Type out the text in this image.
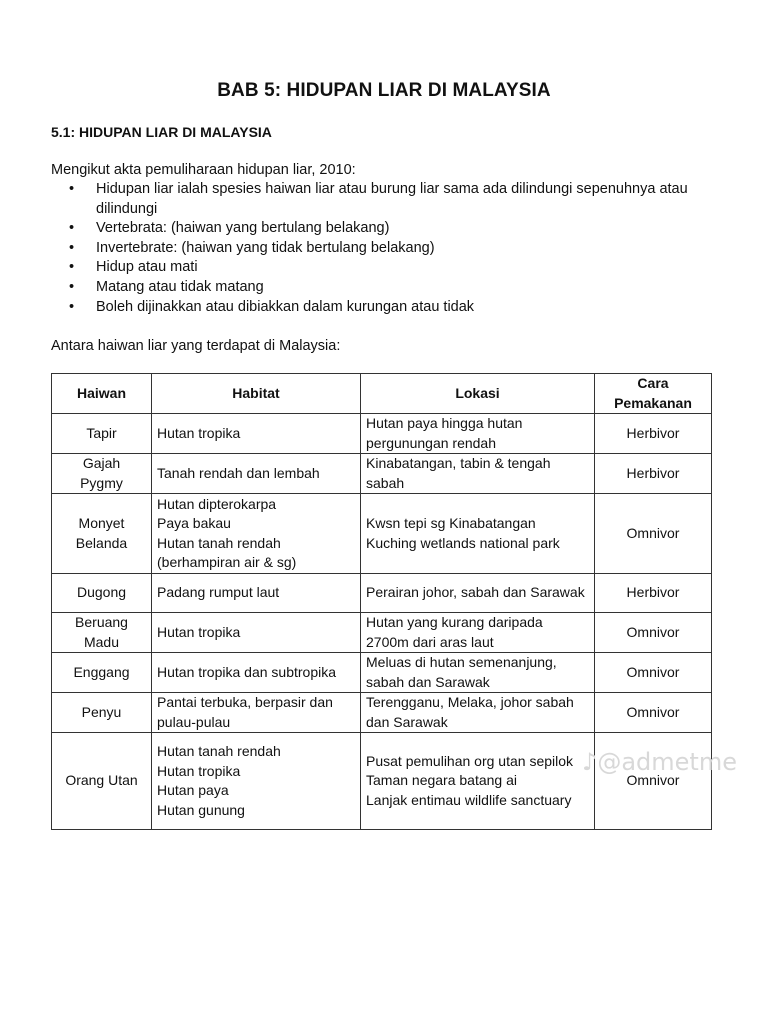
BAB 5: HIDUPAN LIAR DI MALAYSIA
5.1: HIDUPAN LIAR DI MALAYSIA
Mengikut akta pemuliharaan hidupan liar, 2010:
• Hidupan liar ialah spesies haiwan liar atau burung liar sama ada dilindungi sepenuhnya atau dilindungi
• Vertebrata: (haiwan yang bertulang belakang)
• Invertebrate: (haiwan yang tidak bertulang belakang)
• Hidup atau mati
• Matang atau tidak matang
• Boleh dijinakkan atau dibiakkan dalam kurungan atau tidak
Antara haiwan liar yang terdapat di Malaysia:
Haiwan	Habitat	Lokasi	Cara Pemakanan

Tapir	Hutan tropika	Hutan paya hingga hutan pergunungan rendah	Herbivor

Gajah
Pygmy	Tanah rendah dan lembah	Kinabatangan, tabin & tengah sabah	Herbivor

Monyet
Belanda	Hutan dipterokarpa
Paya bakau
Hutan tanah rendah
(berhampiran air & sg)	Kwsn tepi sg Kinabatangan
Kuching wetlands national park	Omnivor

Dugong	Padang rumput laut	Perairan johor, sabah dan Sarawak	Herbivor

Beruang
Madu	Hutan tropika	Hutan yang kurang daripada 2700m dari aras laut	Omnivor

Enggang	Hutan tropika dan subtropika	Meluas di hutan semenanjung, sabah dan Sarawak	Omnivor

Penyu	Pantai terbuka, berpasir dan pulau-pulau	Terengganu, Melaka, johor sabah dan Sarawak	Omnivor

Orang Utan	Hutan tanah rendah
Hutan tropika
Hutan paya
Hutan gunung	Pusat pemulihan org utan sepilok
Taman negara batang ai
Lanjak entimau wildlife sanctuary	Omnivor
♪@admetme
